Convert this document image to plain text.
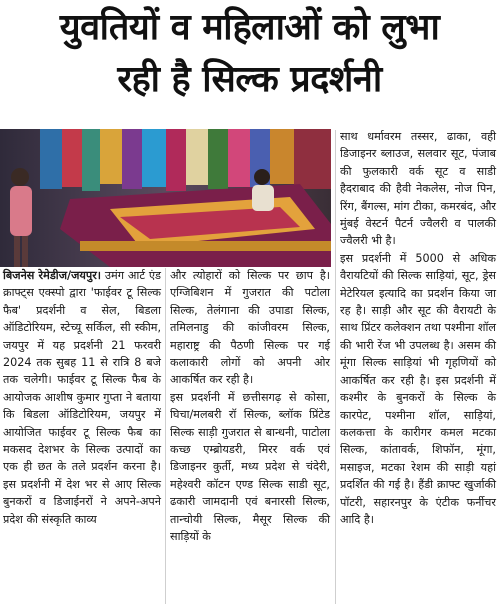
युवतियों व महिलाओं को लुभा
रही है सिल्क प्रदर्शनी

बिजनेस रेमेडीज/जयपुर। उमंग आर्ट एंड क्राफ्ट्स एक्स्पो द्वारा 'फाईवर टू सिल्क फैब' प्रदर्शनी व सेल, बिडला ऑडिटोरियम, स्टेच्यू सर्किल, सी स्कीम, जयपुर में यह प्रदर्शनी 21 फरवरी 2024 तक सुबह 11 से रात्रि 8 बजे तक चलेगी। फाईवर टू सिल्क फैब के आयोजक आशीष कुमार गुप्ता ने बताया कि बिडला ऑडिटोरियम, जयपुर में आयोजित फाईवर टू सिल्क फैब का मकसद देशभर के सिल्क उत्पादों का एक ही छत के तले प्रदर्शन करना है। इस प्रदर्शनी में देश भर से आए सिल्क बुनकरों व डिजाईनरों ने अपने-अपने प्रदेश की संस्कृति काव्य

और त्योहारों को सिल्क पर छाप है। एग्जिबिशन में गुजरात की पटोला सिल्क, तेलंगाना की उपाडा सिल्क, तमिलनाडु की कांजीवरम सिल्क, महाराष्ट्र की पैठणी सिल्क पर गई कलाकारी लोगों को अपनी ओर आकर्षित कर रही है।

इस प्रदर्शनी में छत्तीसगढ़ से कोसा, घिचा/मलबरी रॉ सिल्क, ब्लॉक प्रिंटेड सिल्क साड़ी गुजरात से बान्धनी, पाटोला कच्छ एम्ब्रोयडरी, मिरर वर्क एवं डिजाइनर कुर्ती, मध्य प्रदेश से चंदेरी, महेश्वरी कॉटन एण्ड सिल्क साडी सूट, ढकारी जामदानी एवं बनारसी सिल्क, तान्चोयी सिल्क, मैसूर सिल्क की साड़ियों के

साथ धर्मावरम तस्सर, ढाका, वही डिजाइनर ब्लाउज, सलवार सूट, पंजाब की फुलकारी वर्क सूट व साडी हैदराबाद की हैवी नेकलेस, नोज पिन, रिंग, बैंगल्स, मांग टीका, कमरबंद, और मुंबई वेस्टर्न पैटर्न ज्वैलरी व पालकी ज्वैलरी भी है।

इस प्रदर्शनी में 5000 से अधिक वैरायटियों की सिल्क साड़ियां, सूट, ड्रेस मेटेरियल इत्यादि का प्रदर्शन किया जा रह है। साड़ी और सूट की वैरायटी के साथ प्रिंटर कलेक्शन तथा पश्मीना शॉल की भारी रेंज भी उपलब्ध है। असम की मूंगा सिल्क साड़ियां भी गृहणियों को आकर्षित कर रही है। इस प्रदर्शनी में कश्मीर के बुनकरों के सिल्क के कारपेट, पश्मीना शॉल, साड़ियां, कलकत्ता के कारीगर कमल मटका सिल्क, कांतावर्क, शिफॉन, मूंगा, मसाइज, मटका रेशम की साड़ी यहां प्रदर्शित की गई है। हैंडी क्राफ्ट खुर्जाकी पॉटरी, सहारनपुर के एंटीक फर्नीचर आदि है।
